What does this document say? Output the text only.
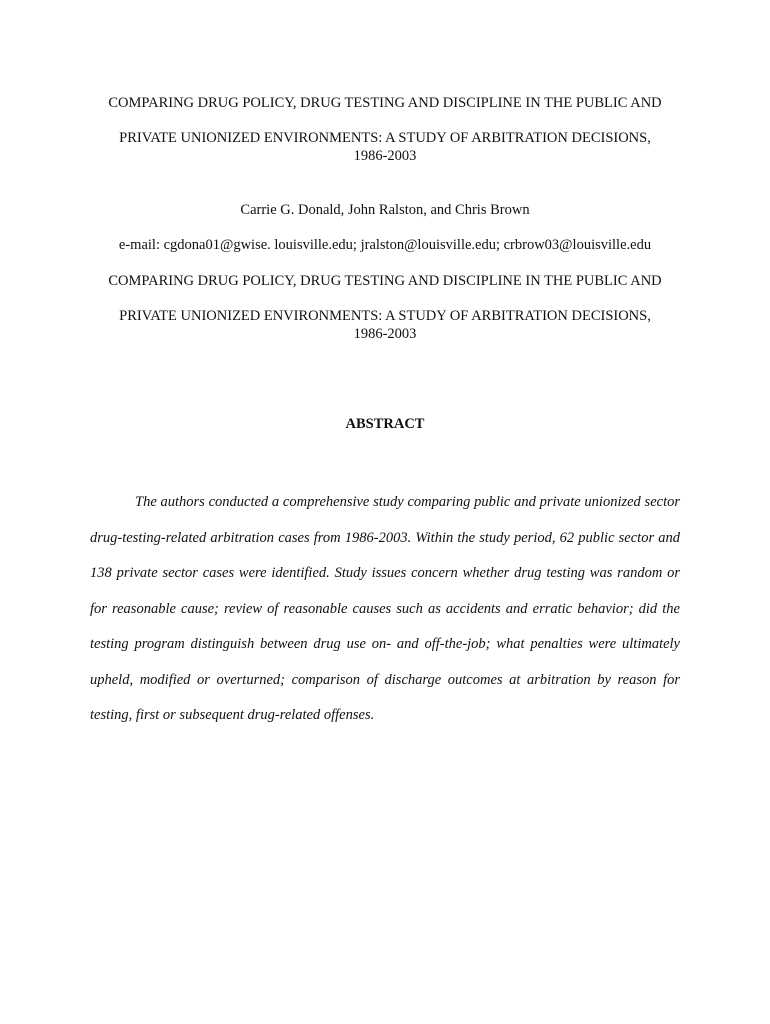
COMPARING DRUG POLICY, DRUG TESTING AND DISCIPLINE IN THE PUBLIC AND
PRIVATE UNIONIZED ENVIRONMENTS: A STUDY OF ARBITRATION DECISIONS,
1986-2003
Carrie G. Donald, John Ralston, and Chris Brown
e-mail: cgdona01@gwise. louisville.edu; jralston@louisville.edu; crbrow03@louisville.edu
COMPARING DRUG POLICY, DRUG TESTING AND DISCIPLINE IN THE PUBLIC AND
PRIVATE UNIONIZED ENVIRONMENTS: A STUDY OF ARBITRATION DECISIONS,
1986-2003
ABSTRACT

The authors conducted a comprehensive study comparing public and private unionized sector drug-testing-related arbitration cases from 1986-2003. Within the study period, 62 public sector and 138 private sector cases were identified. Study issues concern whether drug testing was random or for reasonable cause; review of reasonable causes such as accidents and erratic behavior; did the testing program distinguish between drug use on- and off-the-job; what penalties were ultimately upheld, modified or overturned; comparison of discharge outcomes at arbitration by reason for testing, first or subsequent drug-related offenses.
